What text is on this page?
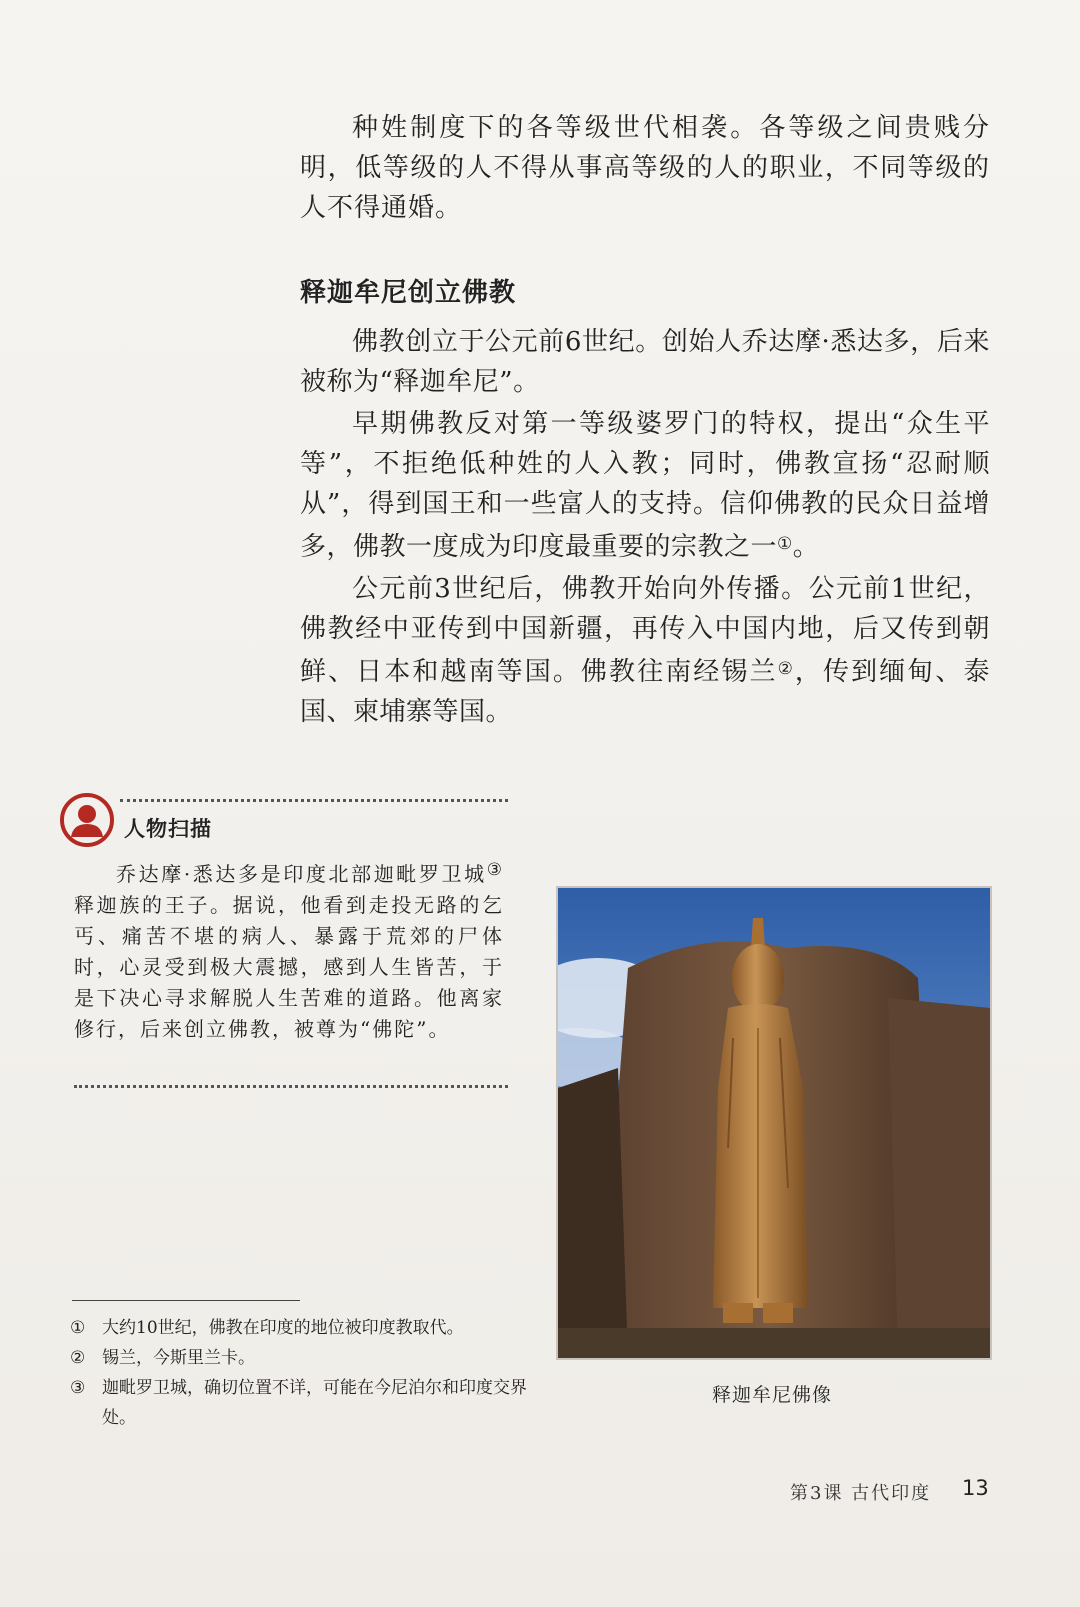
种姓制度下的各等级世代相袭。各等级之间贵贱分明，低等级的人不得从事高等级的人的职业，不同等级的人不得通婚。

释迦牟尼创立佛教

佛教创立于公元前6世纪。创始人乔达摩·悉达多，后来被称为“释迦牟尼”。

早期佛教反对第一等级婆罗门的特权，提出“众生平等”，不拒绝低种姓的人入教；同时，佛教宣扬“忍耐顺从”，得到国王和一些富人的支持。信仰佛教的民众日益增多，佛教一度成为印度最重要的宗教之一①。

公元前3世纪后，佛教开始向外传播。公元前1世纪，佛教经中亚传到中国新疆，再传入中国内地，后又传到朝鲜、日本和越南等国。佛教往南经锡兰②，传到缅甸、泰国、柬埔寨等国。

人物扫描

乔达摩·悉达多是印度北部迦毗罗卫城③释迦族的王子。据说，他看到走投无路的乞丐、痛苦不堪的病人、暴露于荒郊的尸体时，心灵受到极大震撼，感到人生皆苦，于是下决心寻求解脱人生苦难的道路。他离家修行，后来创立佛教，被尊为“佛陀”。

释迦牟尼佛像
① 大约10世纪，佛教在印度的地位被印度教取代。
② 锡兰，今斯里兰卡。
③ 迦毗罗卫城，确切位置不详，可能在今尼泊尔和印度交界处。
第3课 古代印度 13
